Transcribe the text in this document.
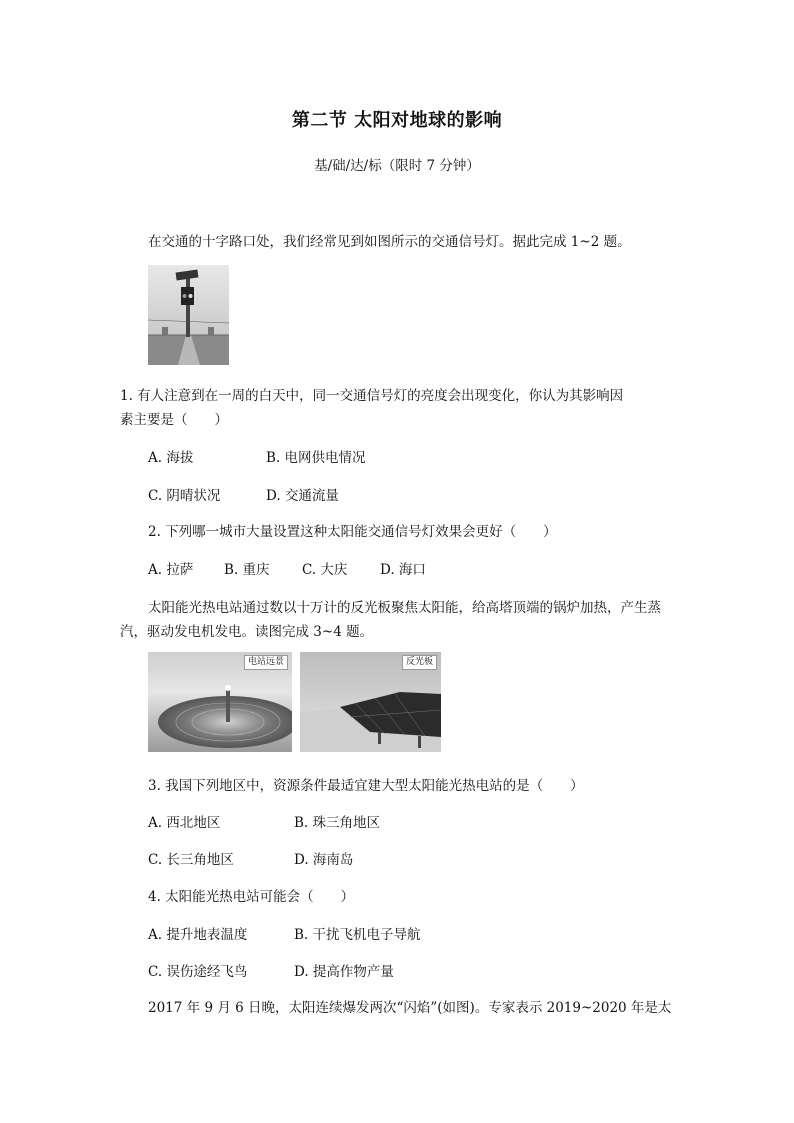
第二节 太阳对地球的影响
基/础/达/标（限时 7 分钟）
在交通的十字路口处，我们经常见到如图所示的交通信号灯。据此完成 1~2 题。
1. 有人注意到在一周的白天中，同一交通信号灯的亮度会出现变化，你认为其影响因
素主要是（　　）
A. 海拔	B. 电网供电情况
C. 阴晴状况	D. 交通流量
2. 下列哪一城市大量设置这种太阳能交通信号灯效果会更好（　　）
A. 拉萨 B. 重庆 C. 大庆 D. 海口
太阳能光热电站通过数以十万计的反光板聚焦太阳能，给高塔顶端的锅炉加热，产生蒸
汽，驱动发电机发电。读图完成 3~4 题。
电站远景	反光板
3. 我国下列地区中，资源条件最适宜建大型太阳能光热电站的是（　　）
A. 西北地区	B. 珠三角地区
C. 长三角地区	D. 海南岛
4. 太阳能光热电站可能会（　　）
A. 提升地表温度	B. 干扰飞机电子导航
C. 误伤途经飞鸟	D. 提高作物产量
2017 年 9 月 6 日晚，太阳连续爆发两次“闪焰”(如图)。专家表示 2019~2020 年是太
